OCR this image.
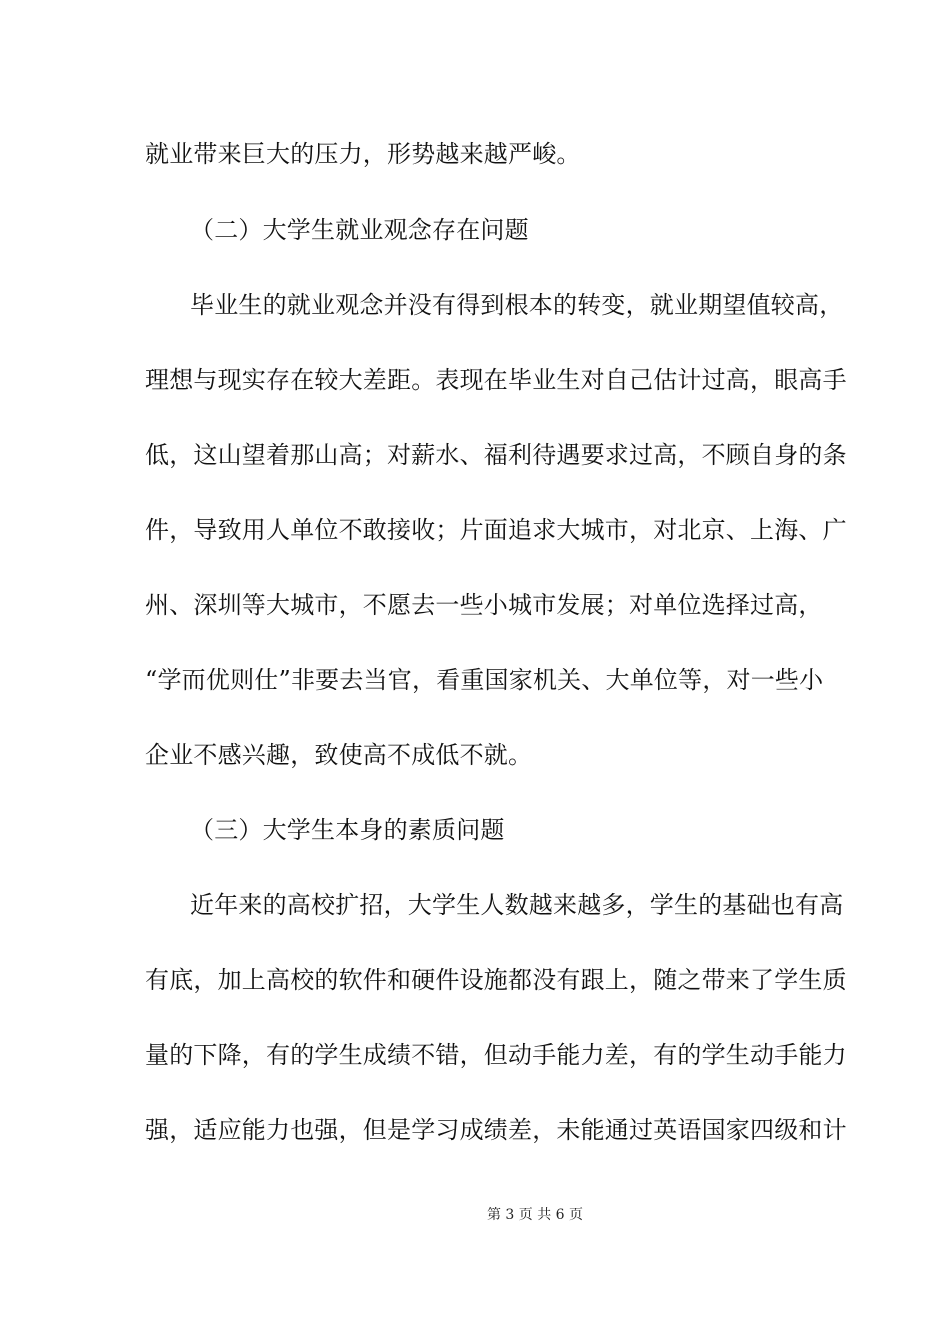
就业带来巨大的压力，形势越来越严峻。
（二）大学生就业观念存在问题
毕业生的就业观念并没有得到根本的转变，就业期望值较高，
理想与现实存在较大差距。表现在毕业生对自己估计过高，眼高手
低，这山望着那山高；对薪水、福利待遇要求过高，不顾自身的条
件，导致用人单位不敢接收；片面追求大城市，对北京、上海、广
州、深圳等大城市，不愿去一些小城市发展；对单位选择过高，
“学而优则仕”非要去当官，看重国家机关、大单位等，对一些小
企业不感兴趣，致使高不成低不就。
（三）大学生本身的素质问题
近年来的高校扩招，大学生人数越来越多，学生的基础也有高
有底，加上高校的软件和硬件设施都没有跟上，随之带来了学生质
量的下降，有的学生成绩不错，但动手能力差，有的学生动手能力
强，适应能力也强，但是学习成绩差，未能通过英语国家四级和计
第 3 页 共 6 页
